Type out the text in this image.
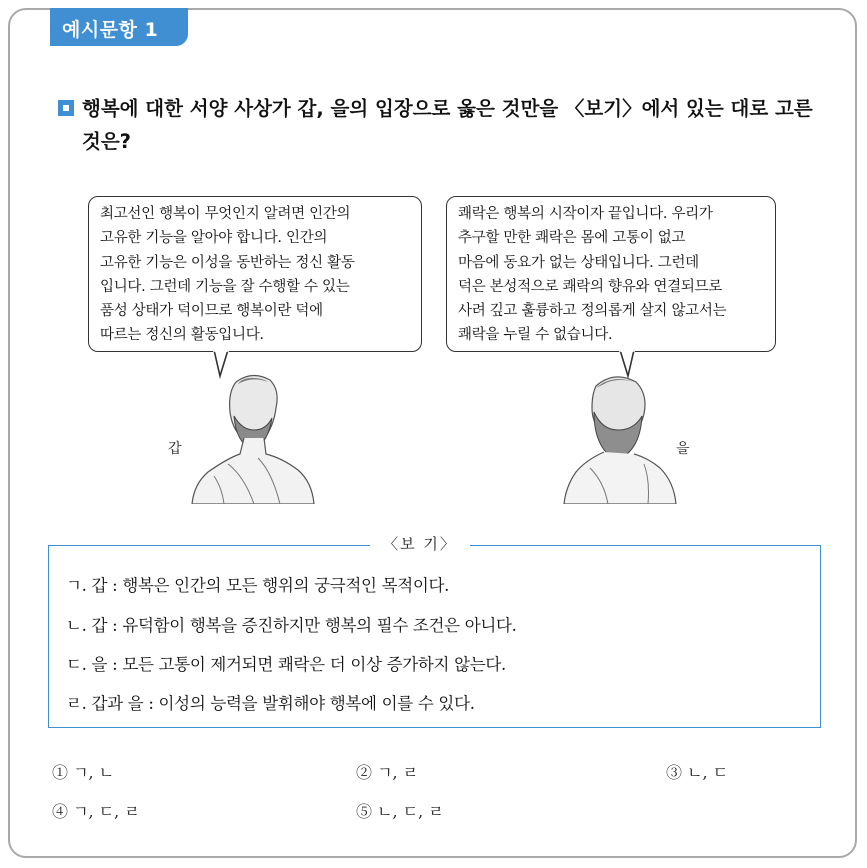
예시문항 1
행복에 대한 서양 사상가 갑, 을의 입장으로 옳은 것만을 〈보기〉에서 있는 대로 고른 것은?
최고선인 행복이 무엇인지 알려면 인간의
고유한 기능을 알아야 합니다. 인간의
고유한 기능은 이성을 동반하는 정신 활동
입니다. 그런데 기능을 잘 수행할 수 있는
품성 상태가 덕이므로 행복이란 덕에
따르는 정신의 활동입니다.
쾌락은 행복의 시작이자 끝입니다. 우리가
추구할 만한 쾌락은 몸에 고통이 없고
마음에 동요가 없는 상태입니다. 그런데
덕은 본성적으로 쾌락의 향유와 연결되므로
사려 깊고 훌륭하고 정의롭게 살지 않고서는
쾌락을 누릴 수 없습니다.
갑	을
〈보 기〉
ㄱ. 갑 : 행복은 인간의 모든 행위의 궁극적인 목적이다.
ㄴ. 갑 : 유덕함이 행복을 증진하지만 행복의 필수 조건은 아니다.
ㄷ. 을 : 모든 고통이 제거되면 쾌락은 더 이상 증가하지 않는다.
ㄹ. 갑과 을 : 이성의 능력을 발휘해야 행복에 이를 수 있다.
① ㄱ, ㄴ	② ㄱ, ㄹ	③ ㄴ, ㄷ
④ ㄱ, ㄷ, ㄹ	⑤ ㄴ, ㄷ, ㄹ
